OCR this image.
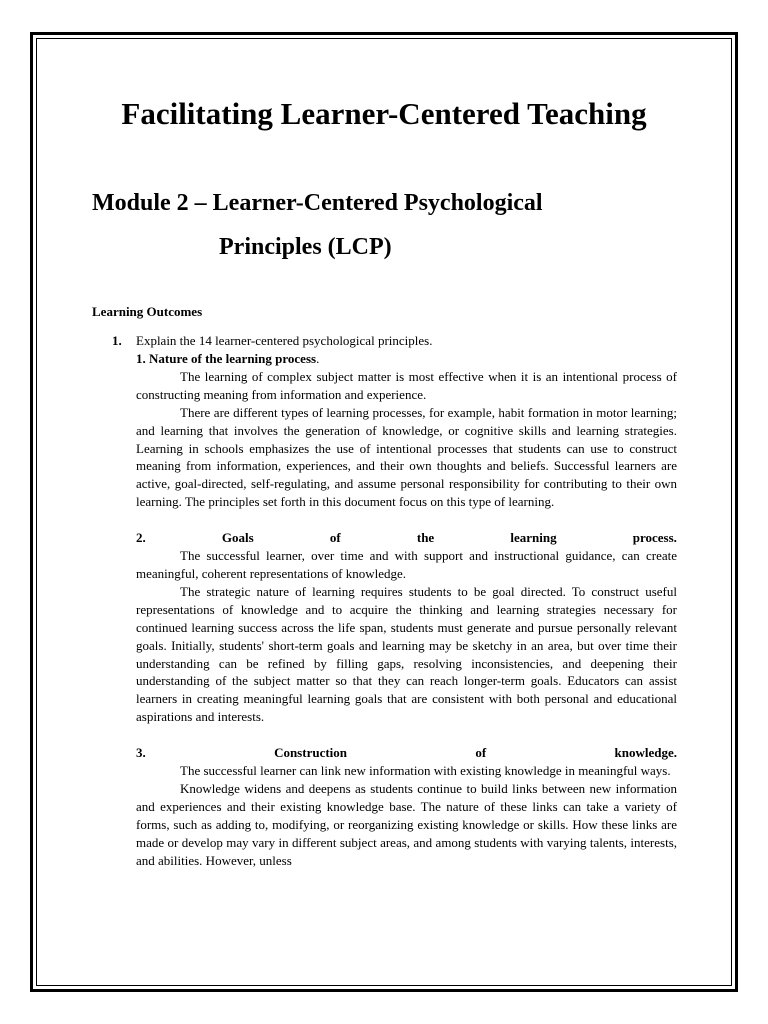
Facilitating Learner-Centered Teaching
Module 2 – Learner-Centered Psychological
Principles (LCP)
Learning Outcomes
1. Explain the 14 learner-centered psychological principles.

1. Nature of the learning process.

The learning of complex subject matter is most effective when it is an intentional process of constructing meaning from information and experience.

There are different types of learning processes, for example, habit formation in motor learning; and learning that involves the generation of knowledge, or cognitive skills and learning strategies. Learning in schools emphasizes the use of intentional processes that students can use to construct meaning from information, experiences, and their own thoughts and beliefs. Successful learners are active, goal-directed, self-regulating, and assume personal responsibility for contributing to their own learning. The principles set forth in this document focus on this type of learning.

2.	Goals	of	the	learning	process.

The successful learner, over time and with support and instructional guidance, can create meaningful, coherent representations of knowledge.

The strategic nature of learning requires students to be goal directed. To construct useful representations of knowledge and to acquire the thinking and learning strategies necessary for continued learning success across the life span, students must generate and pursue personally relevant goals. Initially, students' short-term goals and learning may be sketchy in an area, but over time their understanding can be refined by filling gaps, resolving inconsistencies, and deepening their understanding of the subject matter so that they can reach longer-term goals. Educators can assist learners in creating meaningful learning goals that are consistent with both personal and educational aspirations and interests.

3.	Construction	of	knowledge.

The successful learner can link new information with existing knowledge in meaningful ways.

Knowledge widens and deepens as students continue to build links between new information and experiences and their existing knowledge base. The nature of these links can take a variety of forms, such as adding to, modifying, or reorganizing existing knowledge or skills. How these links are made or develop may vary in different subject areas, and among students with varying talents, interests, and abilities. However, unless
